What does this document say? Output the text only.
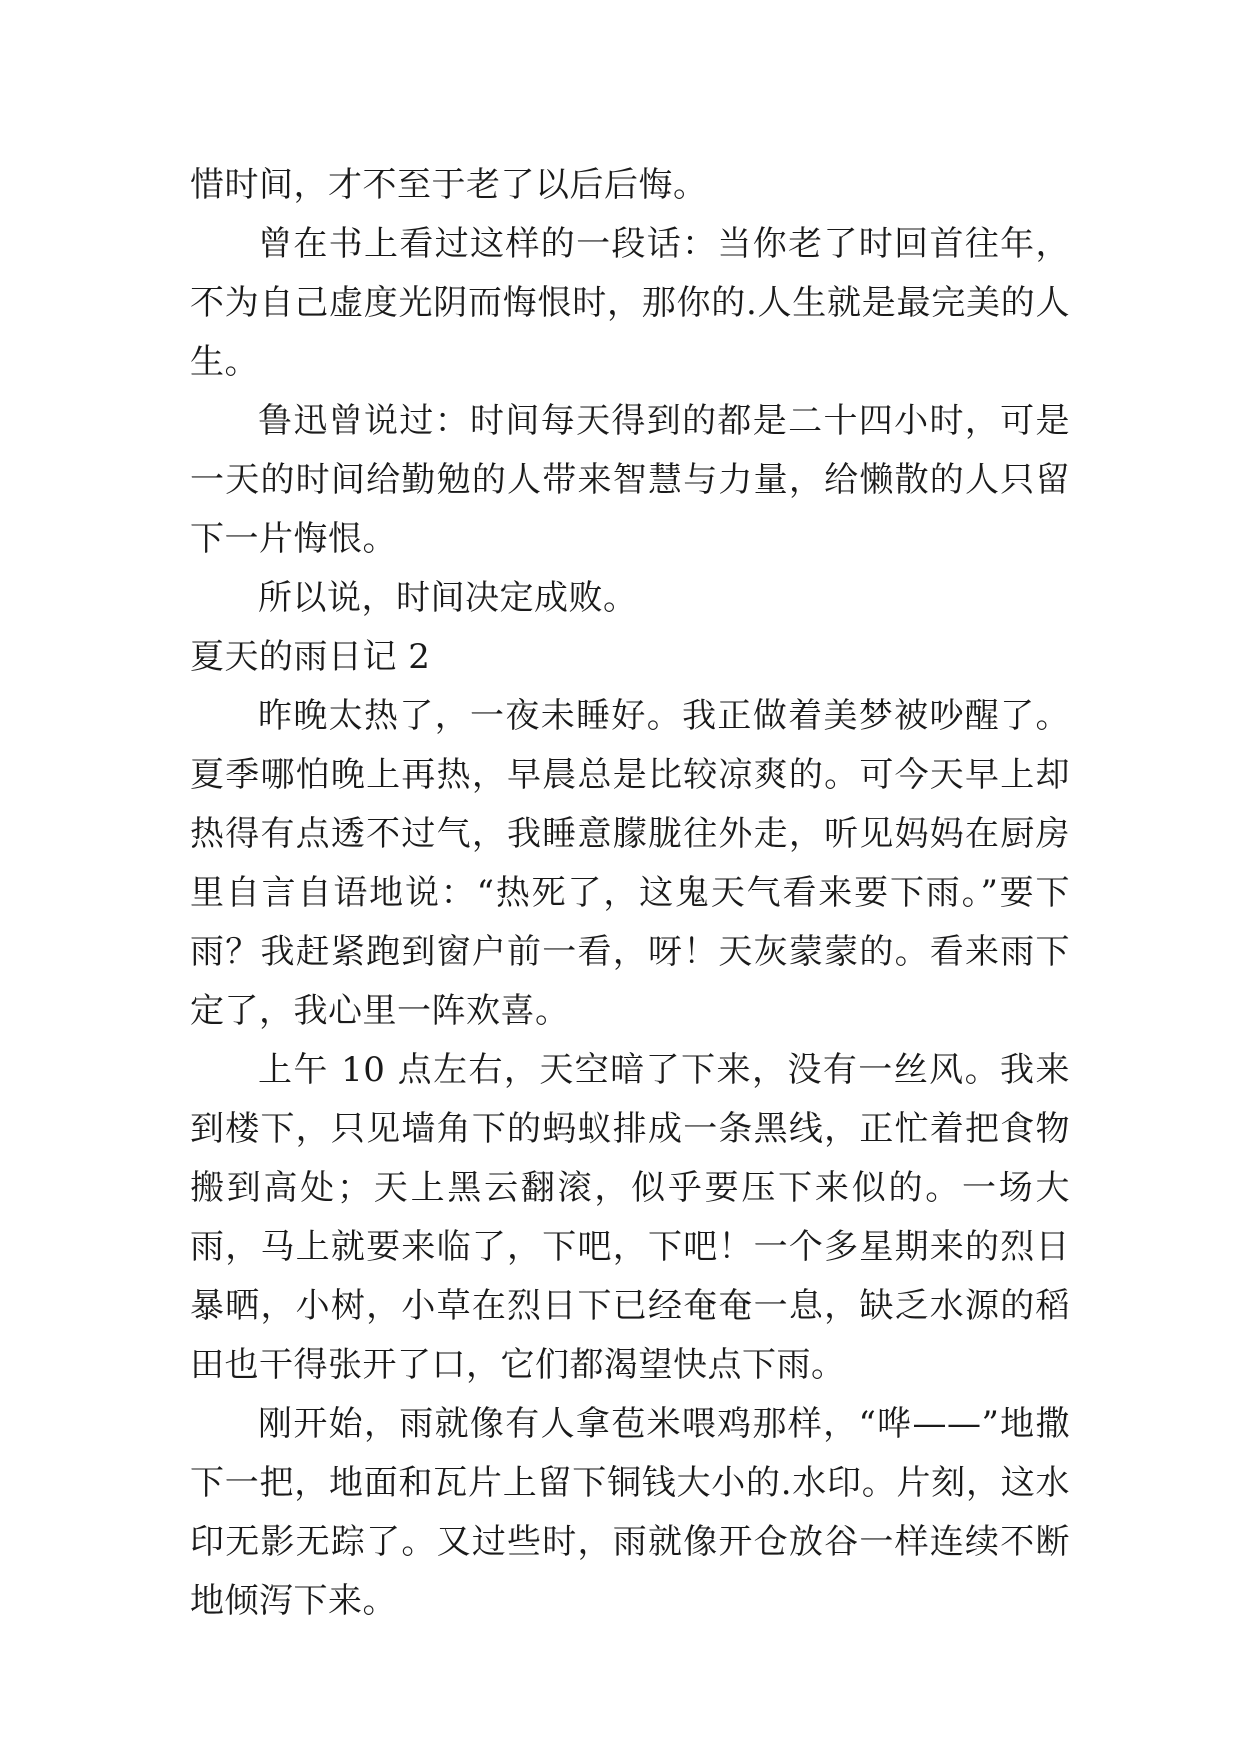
惜时间，才不至于老了以后后悔。

曾在书上看过这样的一段话：当你老了时回首往年，不为自己虚度光阴而悔恨时，那你的.人生就是最完美的人生。

鲁迅曾说过：时间每天得到的都是二十四小时，可是一天的时间给勤勉的人带来智慧与力量，给懒散的人只留下一片悔恨。

所以说，时间决定成败。

夏天的雨日记 2

昨晚太热了，一夜未睡好。我正做着美梦被吵醒了。夏季哪怕晚上再热，早晨总是比较凉爽的。可今天早上却热得有点透不过气，我睡意朦胧往外走，听见妈妈在厨房里自言自语地说：“热死了，这鬼天气看来要下雨。”要下雨？我赶紧跑到窗户前一看，呀！天灰蒙蒙的。看来雨下定了，我心里一阵欢喜。

上午 10 点左右，天空暗了下来，没有一丝风。我来到楼下，只见墙角下的蚂蚁排成一条黑线，正忙着把食物搬到高处；天上黑云翻滚，似乎要压下来似的。一场大雨，马上就要来临了，下吧，下吧！一个多星期来的烈日暴晒，小树，小草在烈日下已经奄奄一息，缺乏水源的稻田也干得张开了口，它们都渴望快点下雨。

刚开始，雨就像有人拿苞米喂鸡那样，“哗——”地撒下一把，地面和瓦片上留下铜钱大小的.水印。片刻，这水印无影无踪了。又过些时，雨就像开仓放谷一样连续不断地倾泻下来。
